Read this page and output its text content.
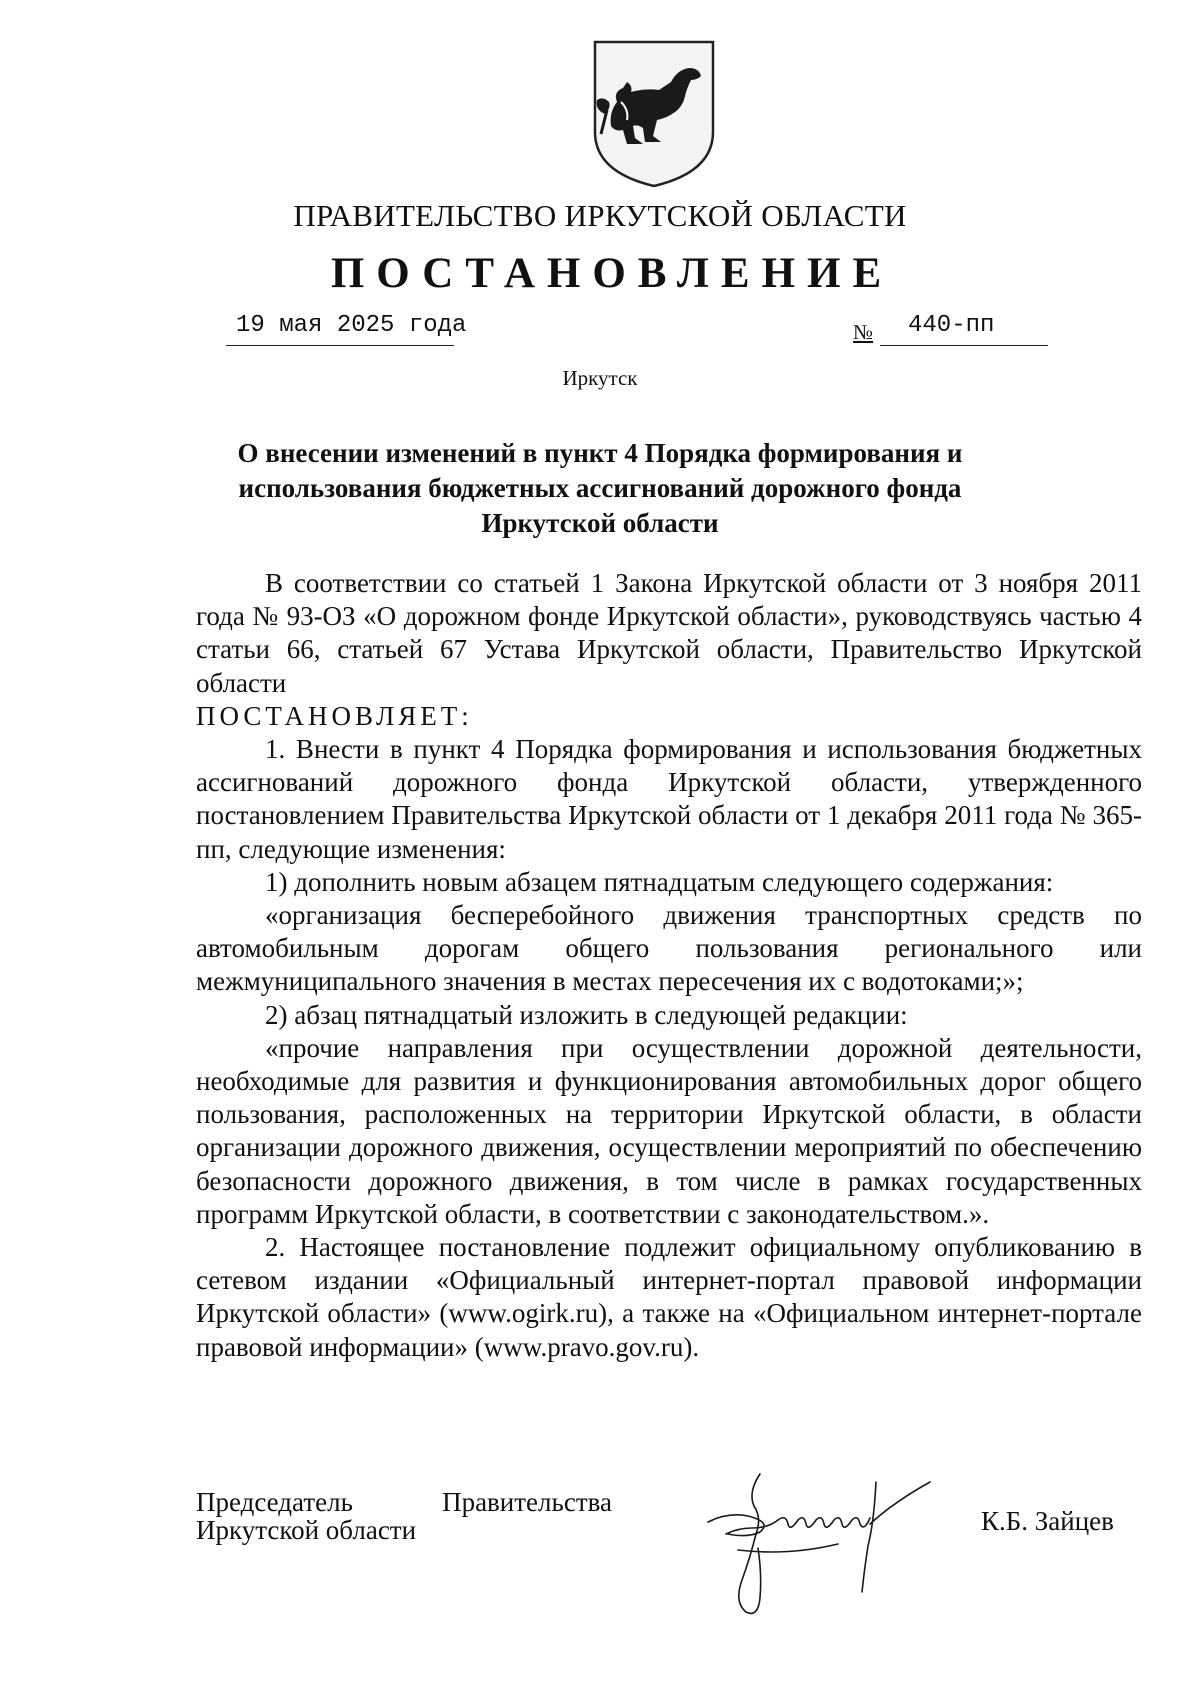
ПРАВИТЕЛЬСТВО ИРКУТСКОЙ ОБЛАСТИ
ПОСТАНОВЛЕНИЕ
19 мая 2025 года	№ 440-пп
Иркутск
О внесении изменений в пункт 4 Порядка формирования и использования бюджетных ассигнований дорожного фонда Иркутской области

В соответствии со статьей 1 Закона Иркутской области от 3 ноября 2011 года № 93-ОЗ «О дорожном фонде Иркутской области», руководствуясь частью 4 статьи 66, статьей 67 Устава Иркутской области, Правительство Иркутской области

ПОСТАНОВЛЯЕТ:

1. Внести в пункт 4 Порядка формирования и использования бюджетных ассигнований дорожного фонда Иркутской области, утвержденного постановлением Правительства Иркутской области от 1 декабря 2011 года № 365-пп, следующие изменения:

1) дополнить новым абзацем пятнадцатым следующего содержания:

«организация бесперебойного движения транспортных средств по автомобильным дорогам общего пользования регионального или межмуниципального значения в местах пересечения их с водотоками;»;

2) абзац пятнадцатый изложить в следующей редакции:

«прочие направления при осуществлении дорожной деятельности, необходимые для развития и функционирования автомобильных дорог общего пользования, расположенных на территории Иркутской области, в области организации дорожного движения, осуществлении мероприятий по обеспечению безопасности дорожного движения, в том числе в рамках государственных программ Иркутской области, в соответствии с законодательством.».

2. Настоящее постановление подлежит официальному опубликованию в сетевом издании «Официальный интернет-портал правовой информации Иркутской области» (www.ogirk.ru), а также на «Официальном интернет-портале правовой информации» (www.pravo.gov.ru).

Председатель	Правительства
Иркутской области	К.Б. Зайцев
